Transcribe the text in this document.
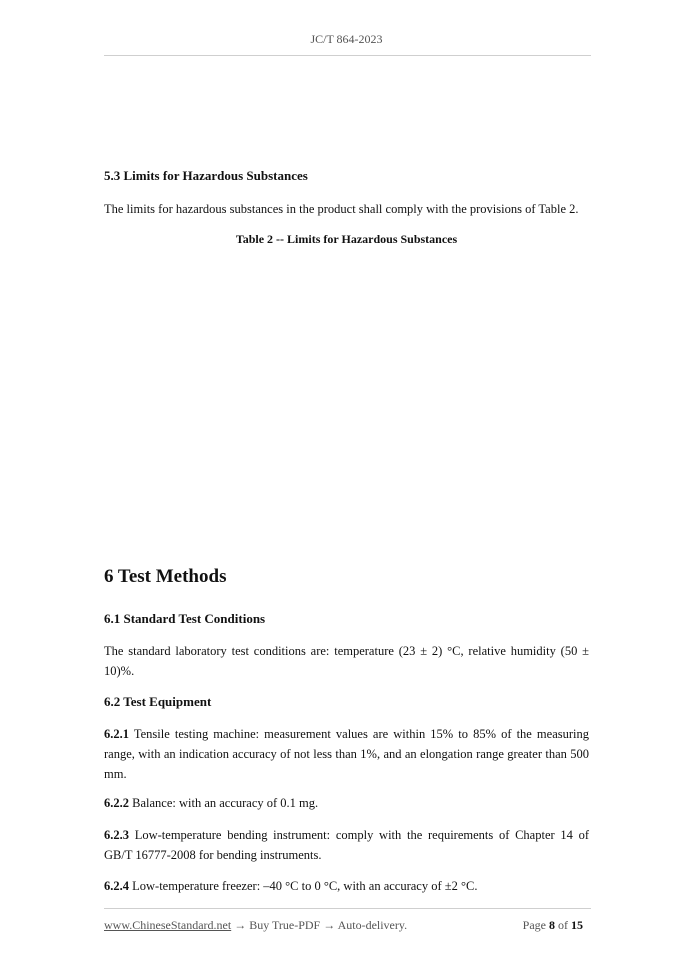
JC/T 864-2023
5.3 Limits for Hazardous Substances
The limits for hazardous substances in the product shall comply with the provisions of Table 2.
Table 2 -- Limits for Hazardous Substances
6 Test Methods
6.1 Standard Test Conditions
The standard laboratory test conditions are: temperature (23 ± 2) °C, relative humidity (50 ± 10)%.
6.2 Test Equipment
6.2.1 Tensile testing machine: measurement values are within 15% to 85% of the measuring range, with an indication accuracy of not less than 1%, and an elongation range greater than 500 mm.
6.2.2 Balance: with an accuracy of 0.1 mg.
6.2.3 Low-temperature bending instrument: comply with the requirements of Chapter 14 of GB/T 16777-2008 for bending instruments.
6.2.4 Low-temperature freezer: –40 °C to 0 °C, with an accuracy of ±2 °C.
www.ChineseStandard.net → Buy True-PDF → Auto-delivery.	Page 8 of 15
